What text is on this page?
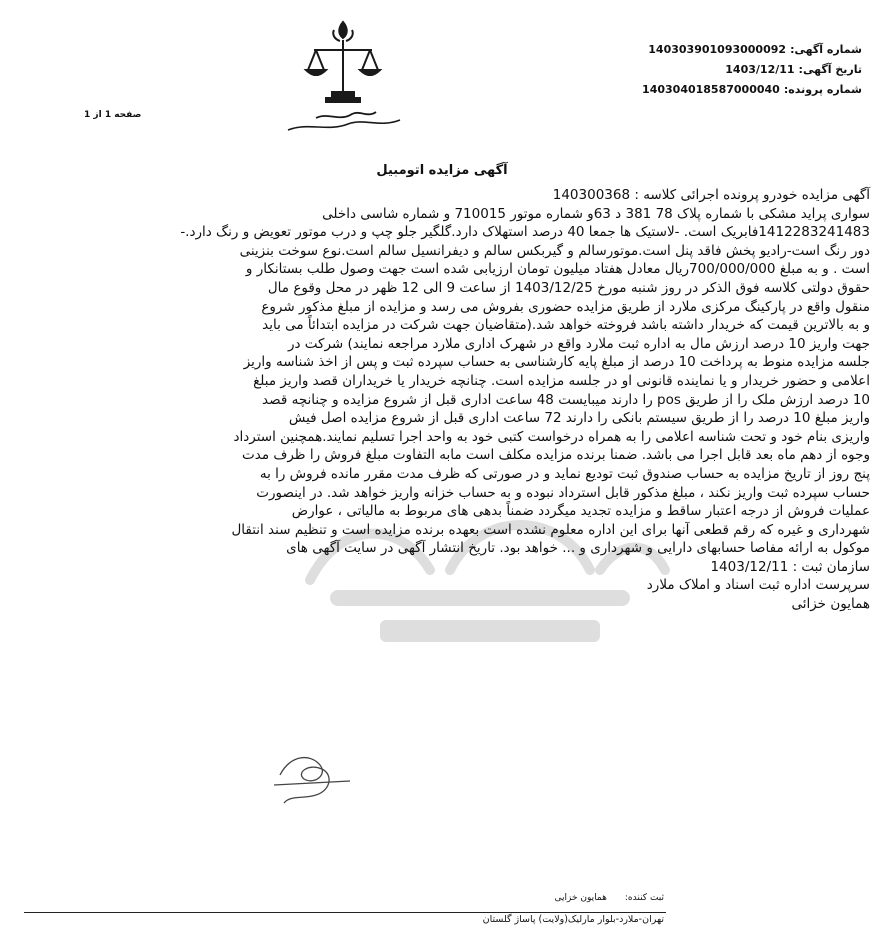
شماره آگهی:140303901093000092
تاریخ آگهی:1403/12/11
شماره پرونده:140304018587000040
صفحه 1 از 1
آگهی مزایده اتومبیل

آگهی مزایده خودرو پرونده اجرائی کلاسه : 140300368

سواری پراید مشکی با شماره پلاک 78 381 د 63و شماره موتور 710015 و شماره شاسی داخلی

1412283241483فابریک است. -لاستیک ها جمعا 40 درصد استهلاک دارد.گلگیر جلو چپ و درب موتور تعویض و رنگ دارد.-

دور رنگ است-رادیو پخش فاقد پنل است.موتورسالم و گیربکس سالم و دیفرانسیل سالم است.نوع سوخت بنزینی

است . و به مبلغ 700/000/000ریال معادل هفتاد میلیون تومان ارزیابی شده است جهت وصول طلب بستانکار و

حقوق دولتی کلاسه فوق الذکر در روز شنبه مورخ 1403/12/25 از ساعت 9 الی 12 ظهر در محل وقوع مال

منقول واقع در پارکینگ مرکزی ملارد از طریق مزایده حضوری بفروش می رسد و مزایده از مبلغ مذکور شروع

و به بالاترین قیمت که خریدار داشته باشد فروخته خواهد شد.(متقاضیان جهت شرکت در مزایده ابتدائاً می باید

جهت واریز 10 درصد ارزش مال به اداره ثبت ملارد واقع در شهرک اداری ملارد مراجعه نمایند) شرکت در

جلسه مزایده منوط به پرداخت 10 درصد از مبلغ پایه کارشناسی به حساب سپرده ثبت و پس از اخذ شناسه واریز

اعلامی و حضور خریدار و یا نماینده قانونی او در جلسه مزایده است. چنانچه خریدار یا خریداران قصد واریز مبلغ

10 درصد ارزش ملک را از طریق pos را دارند میبایست 48 ساعت اداری قبل از شروع مزایده و چنانچه قصد

واریز مبلغ 10 درصد را از طریق سیستم بانکی را دارند 72 ساعت اداری قبل از شروع مزایده اصل فیش

واریزی بنام خود و تحت شناسه اعلامی را به همراه درخواست کتبی خود به واحد اجرا تسلیم نمایند.همچنین استرداد

وجوه از دهم ماه بعد قابل اجرا می باشد. ضمنا برنده مزایده مکلف است مابه التفاوت مبلغ فروش را ظرف مدت

پنج روز از تاریخ مزایده به حساب صندوق ثبت تودیع نماید و در صورتی که ظرف مدت مقرر مانده فروش را به

حساب سپرده ثبت واریز نکند ، مبلغ مذکور قابل استرداد نبوده و به حساب خزانه واریز خواهد شد. در اینصورت

عملیات فروش از درجه اعتبار ساقط و مزایده تجدید میگردد ضمناً بدهی های مربوط به مالیاتی ، عوارض

شهرداری و غیره که رقم قطعی آنها برای این اداره معلوم نشده است بعهده برنده مزایده است و تنظیم سند انتقال

موکول به ارائه مفاصا حسابهای دارایی و شهرداری و ... خواهد بود. تاریخ انتشار آگهی در سایت آگهی های

سازمان ثبت : 1403/12/11

سرپرست اداره ثبت اسناد و املاک ملارد

همایون خزائی

ثبت کننده:همایون خزایی
تهران-ملارد-بلوار مارلیک(ولایت) پاساژ گلستان
